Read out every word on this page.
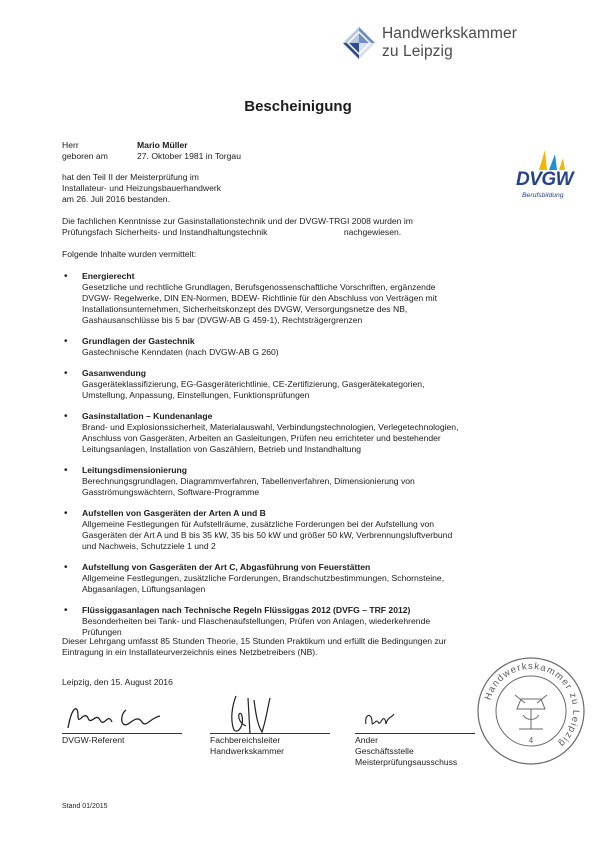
Handwerkskammer
zu Leipzig
Bescheinigung
Herr	Mario Müller
geboren am	27. Oktober 1981 in Torgau
hat den Teil II der Meisterprüfung im
Installateur- und Heizungsbauerhandwerk
am 26. Juli 2016 bestanden.
DVGW
Berufsbildung
Die fachlichen Kenntnisse zur Gasinstallationstechnik und der DVGW-TRGI 2008 wurden im
Prüfungsfach Sicherheits- und Instandhaltungstechnik                                nachgewiesen.
Folgende Inhalte wurden vermittelt:
• Energierecht
Gesetzliche und rechtliche Grundlagen, Berufsgenossenschaftliche Vorschriften, ergänzende
DVGW- Regelwerke, DIN EN-Normen, BDEW- Richtlinie für den Abschluss von Verträgen mit
Installationsunternehmen, Sicherheitskonzept des DVGW, Versorgungsnetze des NB,
Gashausanschlüsse bis 5 bar (DVGW-AB G 459-1), Rechtsträgergrenzen
• Grundlagen der Gastechnik
Gastechnische Kenndaten (nach DVGW-AB G 260)
• Gasanwendung
Gasgeräteklassifizierung, EG-Gasgeräterichtlinie, CE-Zertifizierung, Gasgerätekategorien,
Umstellung, Anpassung, Einstellungen, Funktionsprüfungen
• Gasinstallation – Kundenanlage
Brand- und Explosionssicherheit, Materialauswahl, Verbindungstechnologien, Verlegetechnologien,
Anschluss von Gasgeräten, Arbeiten an Gasleitungen, Prüfen neu errichteter und bestehender
Leitungsanlagen, Installation von Gaszählern, Betrieb und Instandhaltung
• Leitungsdimensionierung
Berechnungsgrundlagen, Diagrammverfahren, Tabellenverfahren, Dimensionierung von
Gasströmungswächtern, Software-Programme
• Aufstellen von Gasgeräten der Arten A und B
Allgemeine Festlegungen für Aufstellräume, zusätzliche Forderungen bei der Aufstellung von
Gasgeräten der Art A und B bis 35 kW, 35 bis 50 kW und größer 50 kW, Verbrennungsluftverbund
und Nachweis, Schutzziele 1 und 2
• Aufstellung von Gasgeräten der Art C, Abgasführung von Feuerstätten
Allgemeine Festlegungen, zusätzliche Forderungen, Brandschutzbestimmungen, Schornsteine,
Abgasanlagen, Lüftungsanlagen
• Flüssiggasanlagen nach Technische Regeln Flüssiggas 2012 (DVFG – TRF 2012)
Besonderheiten bei Tank- und Flaschenaufstellungen, Prüfen von Anlagen, wiederkehrende
Prüfungen
Dieser Lehrgang umfasst 85 Stunden Theorie, 15 Stunden Praktikum und erfüllt die Bedingungen zur
Eintragung in ein Installateurverzeichnis eines Netzbetreibers (NB).
Leipzig, den 15. August 2016
DVGW-Referent	Fachbereichsleiter
Handwerkskammer
Ander
Geschäftsstelle
Meisterprüfungsausschuss
Handwerkskammer zu Leipzig
4
Stand 01/2015
